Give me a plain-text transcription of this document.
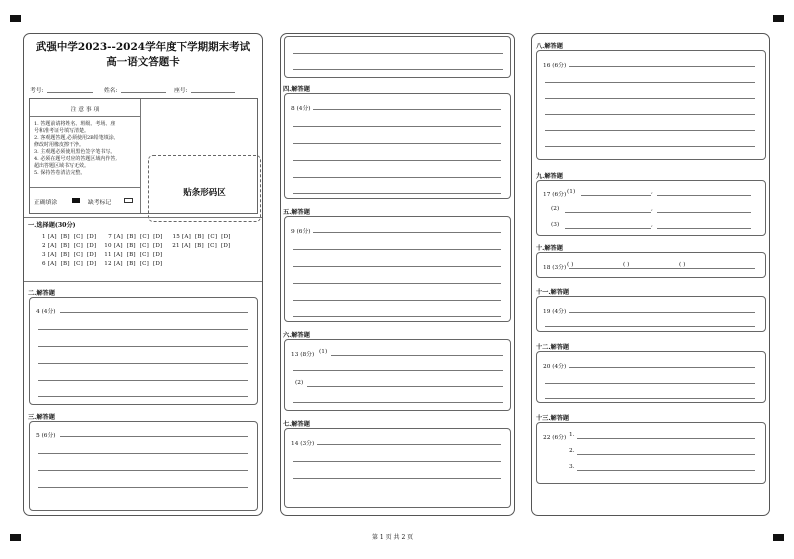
武强中学2023--2024学年度下学期期末考试
高一语文答题卡
考号:	姓名:	座号:
注 意 事 项
1. 答题前请将姓名、班级、考场、座
号和准考证号填写清楚。
2. 客观题答题,必须使用2B铅笔填涂,
修改时用橡皮擦干净。
3. 主观题必须使用黑色签字笔书写。
4. 必须在题号对应的答题区域内作答,
超出答题区域书写无效。
5. 保持答卷清洁完整。
正确填涂	缺考标记
贴条形码区
一.选择题(30分)
1 [A]  [B]  [C]  [D]      7 [A]  [B]  [C]  [D]     15 [A]  [B]  [C]  [D]
2 [A]  [B]  [C]  [D]    10 [A]  [B]  [C]  [D]     21 [A]  [B]  [C]  [D]
3 [A]  [B]  [C]  [D]    11 [A]  [B]  [C]  [D]
6 [A]  [B]  [C]  [D]    12 [A]  [B]  [C]  [D]
二.解答题
4 (4分)
三.解答题
5 (6分)
四.解答题
8 (4分)
五.解答题
9 (6分)
六.解答题
13 (8分) (1)
(2)
七.解答题
14 (3分)
八.解答题
16 (6分)
九.解答题
17 (6分) (1)	,
(2)	,
(3)	,
十.解答题
18 (3分) ( )	( )	( )
十一.解答题
19 (4分)
十二.解答题
20 (4分)
十三.解答题
22 (6分) 1.
2.
3.
第 1 页 共 2 页
